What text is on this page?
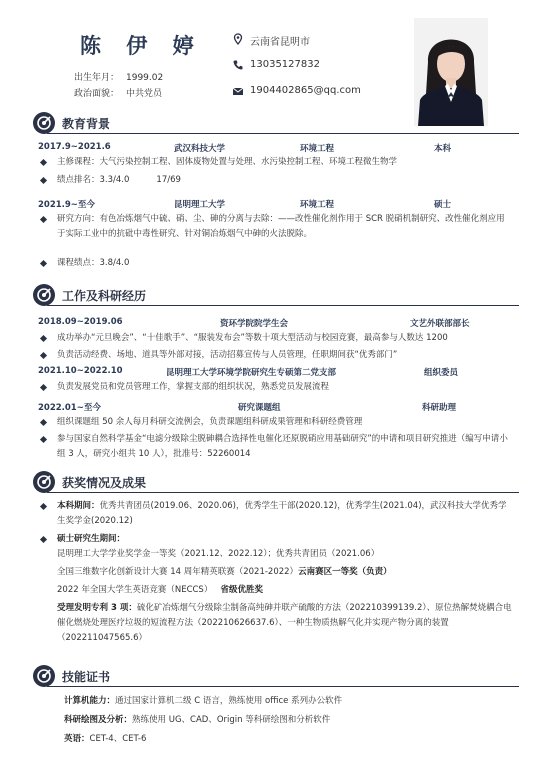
陈 伊 婷
出生年月： 1999.02
政治面貌： 中共党员
云南省昆明市
13035127832
1904402865@qq.com
教育背景
2017.9~2021.6	武汉科技大学	环境工程	本科
主修课程：大气污染控制工程、固体废物处置与处理、水污染控制工程、环境工程微生物学
绩点排名：3.3/4.0          17/69
2021.9~至今	昆明理工大学	环境工程	硕士
研究方向：有色冶炼烟气中硫、硝、尘、砷的分离与去除：——改性催化剂作用于 SCR 脱硝机制研究、改性催化剂应用于实际工业中的抗砒中毒性研究、针对铜冶炼烟气中砷的火法脱除。
课程绩点：3.8/4.0
工作及科研经历
2018.09~2019.06	资环学院院学生会	文艺外联部部长
成功举办“元旦晚会”、“十佳歌手”、“服装发布会”等数十项大型活动与校园竞赛，最高参与人数达 1200
负责活动经费、场地、道具等外部对接，活动招募宣传与人员管理，任职期间获“优秀部门”
2021.10~2022.10	昆明理工大学环境学院研究生专硕第二党支部	组织委员
负责发展党员和党员管理工作，掌握支部的组织状况，熟悉党员发展流程
2022.01~至今	研究课题组	科研助理
组织课题组 50 余人每月科研交流例会，负责课题组科研成果管理和科研经费管理
参与国家自然科学基金“电滤分级除尘脱砷耦合选择性电催化还原脱硝应用基础研究”的申请和项目研究推进（编写申请小组 3 人，研究小组共 10 人），批准号：52260014
获奖情况及成果
本科期间：优秀共青团员(2019.06、2020.06)，优秀学生干部(2020.12)，优秀学生(2021.04)，武汉科技大学优秀学生奖学金(2020.12)
硕士研究生期间：
昆明理工大学学业奖学金一等奖（2021.12、2022.12）；优秀共青团员（2021.06）
全国三维数字化创新设计大赛 14 周年精英联赛（2021-2022）云南赛区一等奖（负责）
2022 年全国大学生英语竞赛（NECCS） 省级优胜奖
受理发明专利 3 项：硫化矿冶炼烟气分级除尘制备高纯砷并联产硫酸的方法（202210399139.2）、原位热解焚烧耦合电催化燃烧处理医疗垃圾的短流程方法（202210626637.6）、一种生物质热解气化并实现产物分离的装置（202211047565.6）
技能证书
计算机能力：通过国家计算机二级 C 语言，熟练使用 office 系列办公软件
科研绘图及分析：熟练使用 UG、CAD、Origin 等科研绘图和分析软件
英语：CET-4、CET-6
